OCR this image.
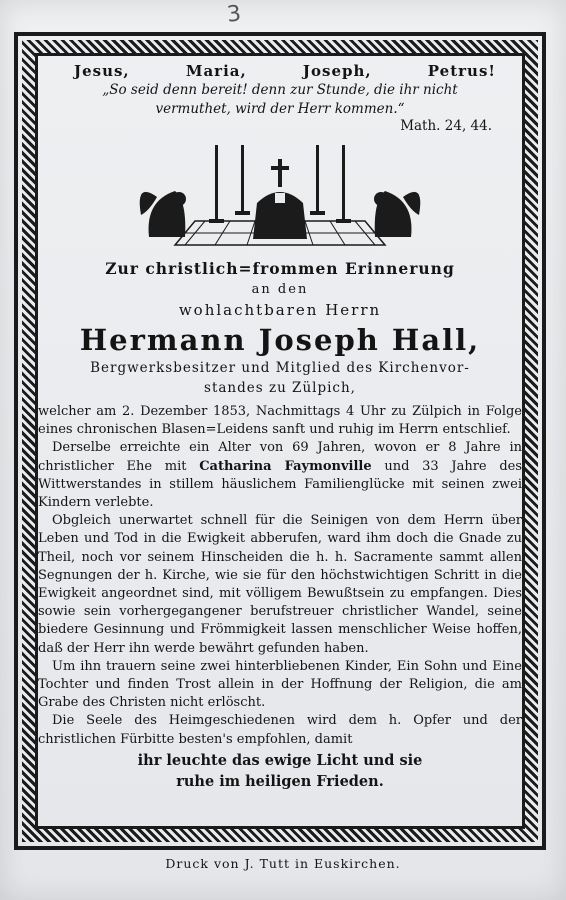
3
Jesus,	Maria,	Joseph,	Petrus!
„So seid denn bereit! denn zur Stunde, die ihr nicht
vermuthet, wird der Herr kommen.“
Math. 24, 44.
Zur christlich=frommen Erinnerung
an den
wohlachtbaren Herrn
Hermann Joseph Hall,
Bergwerksbesitzer und Mitglied des Kirchenvor-
standes zu Zülpich,

welcher am 2. Dezember 1853, Nachmittags 4 Uhr zu Zülpich in Folge eines chronischen Blasen=Leidens sanft und ruhig im Herrn entschlief.

Derselbe erreichte ein Alter von 69 Jahren, wovon er 8 Jahre in christlicher Ehe mit Catharina Faymonville und 33 Jahre des Wittwerstandes in stillem häuslichem Familienglücke mit seinen zwei Kindern verlebte.

Obgleich unerwartet schnell für die Seinigen von dem Herrn über Leben und Tod in die Ewigkeit abberufen, ward ihm doch die Gnade zu Theil, noch vor seinem Hinscheiden die h. h. Sacramente sammt allen Segnungen der h. Kirche, wie sie für den höchstwichtigen Schritt in die Ewigkeit angeordnet sind, mit völligem Bewußtsein zu empfangen. Dies sowie sein vorhergegangener berufstreuer christlicher Wandel, seine biedere Gesinnung und Frömmigkeit lassen menschlicher Weise hoffen, daß der Herr ihn werde bewährt gefunden haben.

Um ihn trauern seine zwei hinterbliebenen Kinder, Ein Sohn und Eine Tochter und finden Trost allein in der Hoffnung der Religion, die am Grabe des Christen nicht erlöscht.

Die Seele des Heimgeschiedenen wird dem h. Opfer und der christlichen Fürbitte besten's empfohlen, damit

ihr leuchte das ewige Licht und sie
ruhe im heiligen Frieden.
Druck von J. Tutt in Euskirchen.
